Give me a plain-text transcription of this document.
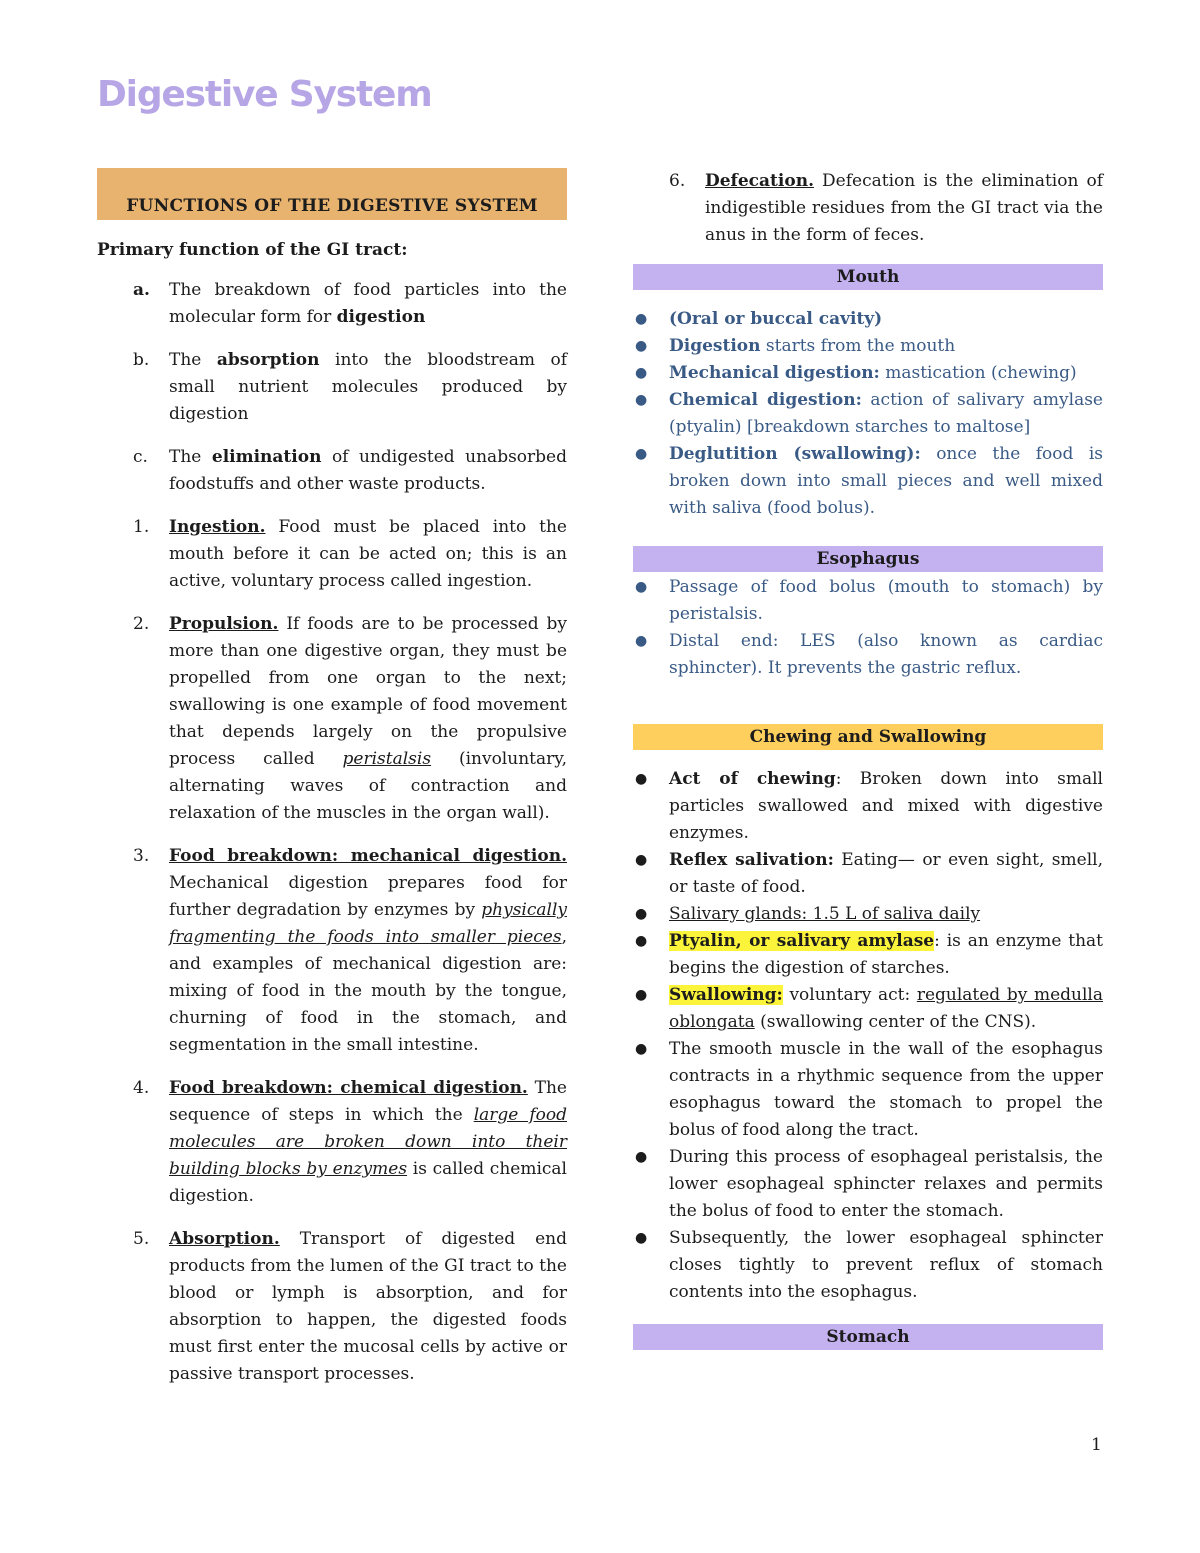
Digestive System
FUNCTIONS OF THE DIGESTIVE SYSTEM
Primary function of the GI tract:
a.	The breakdown of food particles into the molecular form for digestion
b.	The absorption into the bloodstream of small nutrient molecules produced by digestion
c.	The elimination of undigested unabsorbed foodstuffs and other waste products.
1.	Ingestion. Food must be placed into the mouth before it can be acted on; this is an active, voluntary process called ingestion.
2.	Propulsion. If foods are to be processed by more than one digestive organ, they must be propelled from one organ to the next; swallowing is one example of food movement that depends largely on the propulsive process called peristalsis (involuntary, alternating waves of contraction and relaxation of the muscles in the organ wall).
3.	Food breakdown: mechanical digestion. Mechanical digestion prepares food for further degradation by enzymes by physically fragmenting the foods into smaller pieces, and examples of mechanical digestion are: mixing of food in the mouth by the tongue, churning of food in the stomach, and segmentation in the small intestine.
4.	Food breakdown: chemical digestion. The sequence of steps in which the large food molecules are broken down into their building blocks by enzymes is called chemical digestion.
5.	Absorption. Transport of digested end products from the lumen of the GI tract to the blood or lymph is absorption, and for absorption to happen, the digested foods must first enter the mucosal cells by active or passive transport processes.
6.	Defecation. Defecation is the elimination of indigestible residues from the GI tract via the anus in the form of feces.
Mouth
●	(Oral or buccal cavity)
●	Digestion starts from the mouth
●	Mechanical digestion: mastication (chewing)
●	Chemical digestion: action of salivary amylase (ptyalin) [breakdown starches to maltose]
●	Deglutition (swallowing): once the food is broken down into small pieces and well mixed with saliva (food bolus).
Esophagus
●	Passage of food bolus (mouth to stomach) by peristalsis.
●	Distal end: LES (also known as cardiac sphincter). It prevents the gastric reflux.
Chewing and Swallowing
●	Act of chewing: Broken down into small particles swallowed and mixed with digestive enzymes.
●	Reflex salivation: Eating— or even sight, smell, or taste of food.
●	Salivary glands: 1.5 L of saliva daily
●	Ptyalin, or salivary amylase: is an enzyme that begins the digestion of starches.
●	Swallowing: voluntary act: regulated by medulla oblongata (swallowing center of the CNS).
●	The smooth muscle in the wall of the esophagus contracts in a rhythmic sequence from the upper esophagus toward the stomach to propel the bolus of food along the tract.
●	During this process of esophageal peristalsis, the lower esophageal sphincter relaxes and permits the bolus of food to enter the stomach.
●	Subsequently, the lower esophageal sphincter closes tightly to prevent reflux of stomach contents into the esophagus.
Stomach
1
